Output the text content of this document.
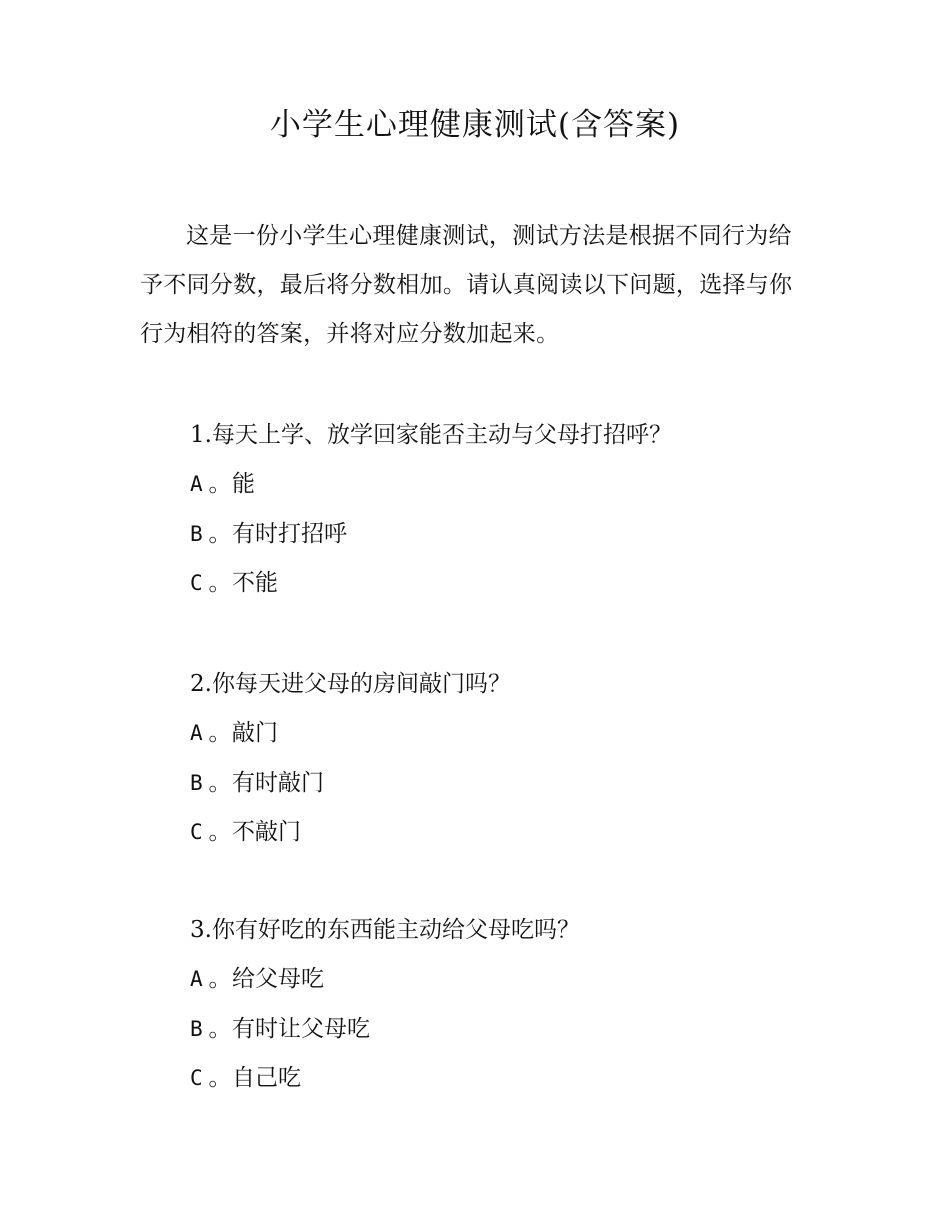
小学生心理健康测试(含答案)

这是一份小学生心理健康测试，测试方法是根据不同行为给予不同分数，最后将分数相加。请认真阅读以下问题，选择与你行为相符的答案，并将对应分数加起来。

1.每天上学、放学回家能否主动与父母打招呼？

A 。 能
B 。 有时打招呼
C 。 不能

2.你每天进父母的房间敲门吗？

A 。 敲门
B 。 有时敲门
C 。 不敲门

3.你有好吃的东西能主动给父母吃吗？

A 。 给父母吃
B 。 有时让父母吃
C 。 自己吃
